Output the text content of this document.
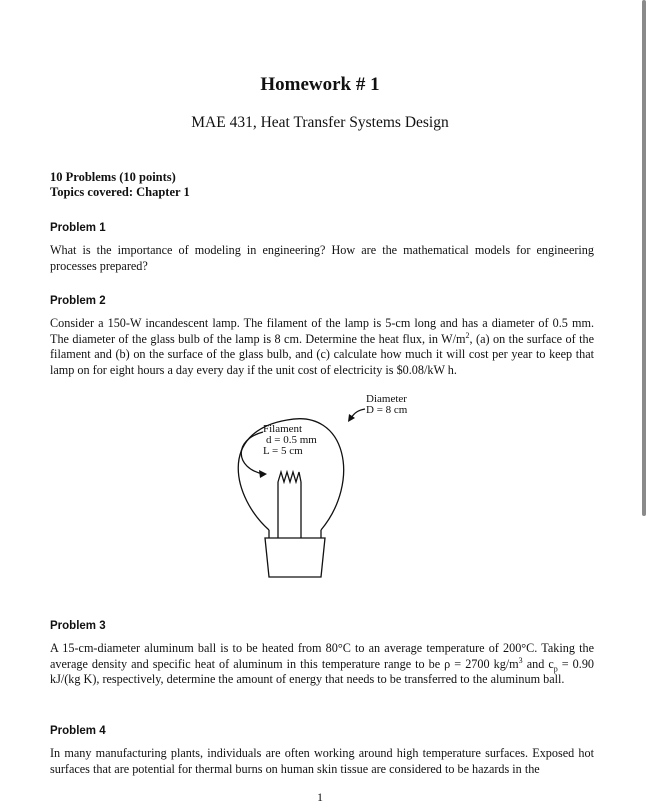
Homework # 1
MAE 431, Heat Transfer Systems Design
10 Problems (10 points)
Topics covered: Chapter 1
Problem 1
What is the importance of modeling in engineering? How are the mathematical models for engineering processes prepared?
Problem 2
Consider a 150-W incandescent lamp. The filament of the lamp is 5-cm long and has a diameter of 0.5 mm. The diameter of the glass bulb of the lamp is 8 cm. Determine the heat flux, in $W/m^2$, (a) on the surface of the filament and (b) on the surface of the glass bulb, and (c) calculate how much it will cost per year to keep that lamp on for eight hours a day every day if the unit cost of electricity is $0.08/kW h.
Diameter
D = 8 cm
Filament
d = 0.5 mm
L = 5 cm
Problem 3
A 15-cm-diameter aluminum ball is to be heated from 80°C to an average temperature of 200°C. Taking the average density and specific heat of aluminum in this temperature range to be ρ = 2700 $kg/m^3$ and $c_p = 0.90$ kJ/(kg K), respectively, determine the amount of energy that needs to be transferred to the aluminum ball.
Problem 4
In many manufacturing plants, individuals are often working around high temperature surfaces. Exposed hot surfaces that are potential for thermal burns on human skin tissue are considered to be hazards in the
1
